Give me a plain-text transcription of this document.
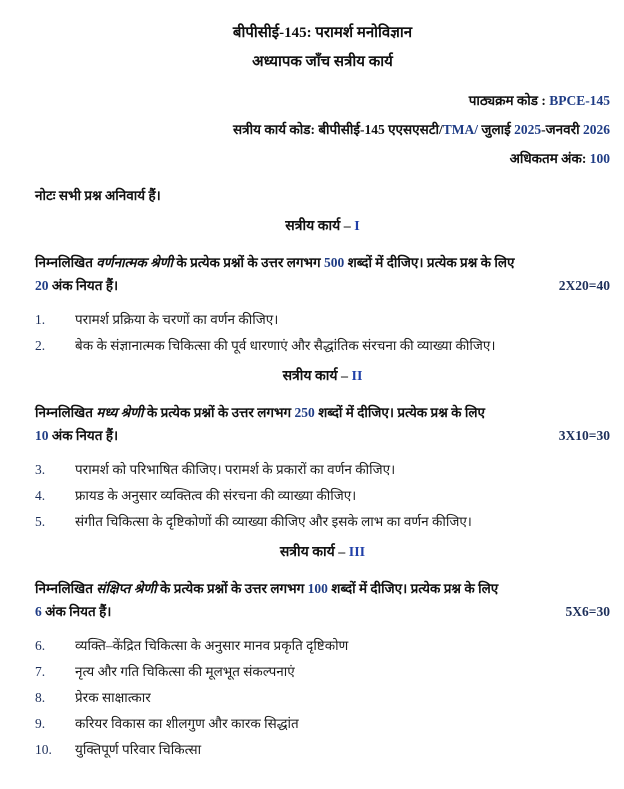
बीपीसीई-145: परामर्श मनोविज्ञान
अध्यापक जाँच सत्रीय कार्य
पाठ्यक्रम कोड : BPCE-145
सत्रीय कार्य कोड: बीपीसीई-145 एएसएसटी/TMA/ जुलाई 2025-जनवरी 2026
अधिकतम अंक: 100
नोटः सभी प्रश्न अनिवार्य हैं।
सत्रीय कार्य – I
निम्नलिखित वर्णनात्मक श्रेणी के प्रत्येक प्रश्नों के उत्तर लगभग 500 शब्दों में दीजिए। प्रत्येक प्रश्न के लिए
20 अंक नियत हैं।	2X20=40
1.	परामर्श प्रक्रिया के चरणों का वर्णन कीजिए।
2.	बेक के संज्ञानात्मक चिकित्सा की पूर्व धारणाएं और सैद्धांतिक संरचना की व्याख्या कीजिए।
सत्रीय कार्य – II
निम्नलिखित मध्य श्रेणी के प्रत्येक प्रश्नों के उत्तर लगभग 250 शब्दों में दीजिए। प्रत्येक प्रश्न के लिए
10 अंक नियत हैं।	3X10=30
3.	परामर्श को परिभाषित कीजिए। परामर्श के प्रकारों का वर्णन कीजिए।
4.	फ्रायड के अनुसार व्यक्तित्व की संरचना की व्याख्या कीजिए।
5.	संगीत चिकित्सा के दृष्टिकोणों की व्याख्या कीजिए और इसके लाभ का वर्णन कीजिए।
सत्रीय कार्य – III
निम्नलिखित संक्षिप्त श्रेणी के प्रत्येक प्रश्नों के उत्तर लगभग 100 शब्दों में दीजिए। प्रत्येक प्रश्न के लिए
6 अंक नियत हैं।	5X6=30
6.	व्यक्ति–केंद्रित चिकित्सा के अनुसार मानव प्रकृति दृष्टिकोण
7.	नृत्य और गति चिकित्सा की मूलभूत संकल्पनाएं
8.	प्रेरक साक्षात्कार
9.	करियर विकास का शीलगुण और कारक सिद्धांत
10.	युक्तिपूर्ण परिवार चिकित्सा
